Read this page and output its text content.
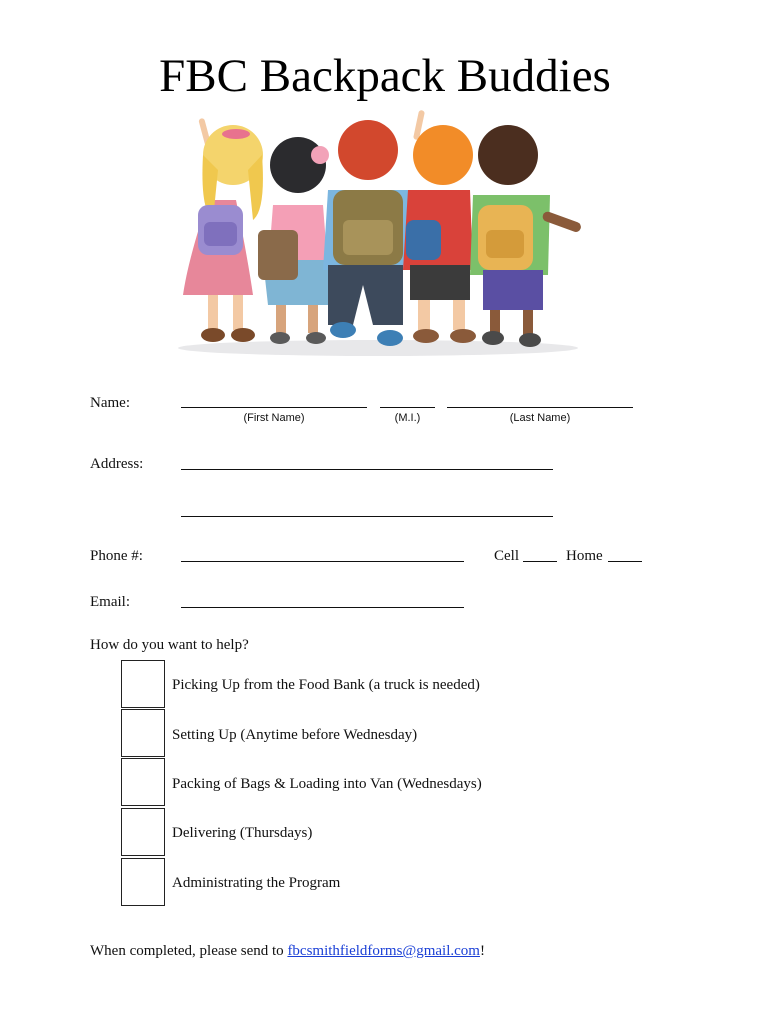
FBC Backpack Buddies
Name:
(First Name)	(M.I.)	(Last Name)
Address:
Phone #:	Cell	Home
Email:
How do you want to help?
Picking Up from the Food Bank (a truck is needed)
Setting Up (Anytime before Wednesday)
Packing of Bags & Loading into Van (Wednesdays)
Delivering (Thursdays)
Administrating the Program
When completed, please send to fbcsmithfieldforms@gmail.com!
